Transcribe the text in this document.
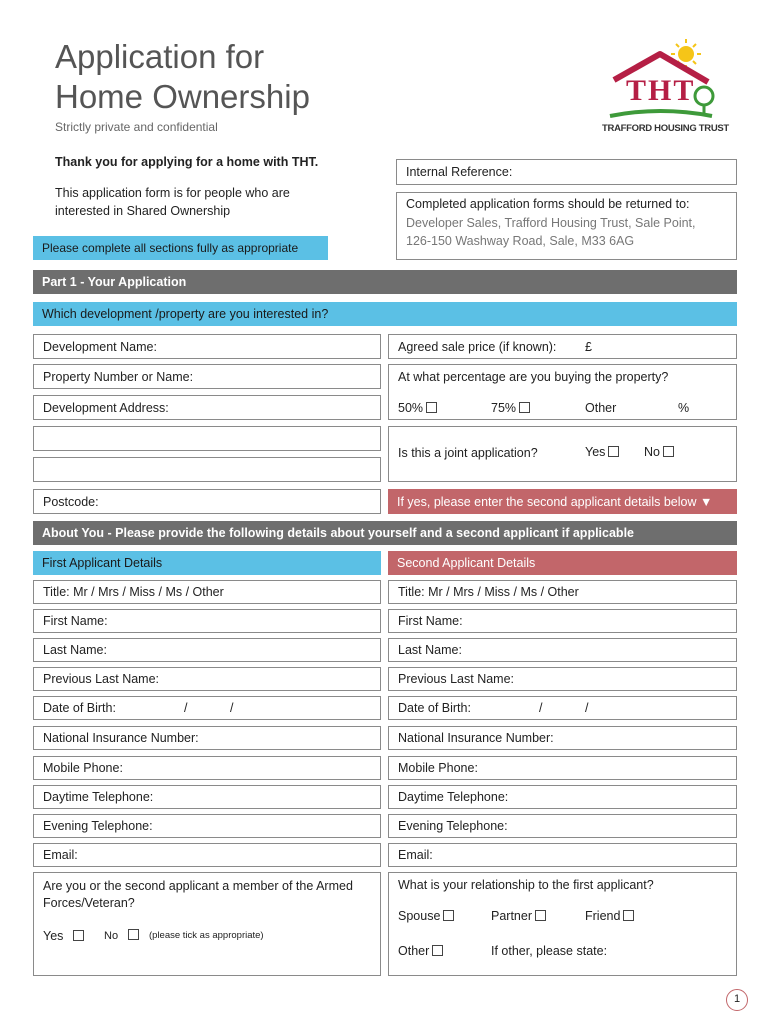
Application for
Home Ownership
Strictly private and confidential
THT
TRAFFORD HOUSING TRUST
Thank you for applying for a home with THT.
This application form is for people who are interested in Shared Ownership
Please complete all sections fully as appropriate
Internal Reference:
Completed application forms should be returned to:
Developer Sales, Trafford Housing Trust, Sale Point,
126-150 Washway Road, Sale, M33 6AG
Part 1 - Your Application
Which development /property are you interested in?
Development Name:
Property Number or Name:
Development Address:
Postcode:
Agreed sale price (if known): £
At what percentage are you buying the property?
50%	75%	Other	%
Is this a joint application?	Yes	No
If yes, please enter the second applicant details below ▼
About You - Please provide the following details about yourself and a second applicant if applicable
First Applicant Details	Second Applicant Details
Title: Mr / Mrs / Miss / Ms / Other	Title: Mr / Mrs / Miss / Ms / Other
First Name:	First Name:
Last Name:	Last Name:
Previous Last Name:	Previous Last Name:
Date of Birth:	/	/	Date of Birth:	/	/
National Insurance Number:	National Insurance Number:
Mobile Phone:	Mobile Phone:
Daytime Telephone:	Daytime Telephone:
Evening Telephone:	Evening Telephone:
Email:	Email:
Are you or the second applicant a member of the Armed Forces/Veteran?
Yes	No	(please tick as appropriate)
What is your relationship to the first applicant?
Spouse	Partner	Friend
Other	If other, please state:
1
